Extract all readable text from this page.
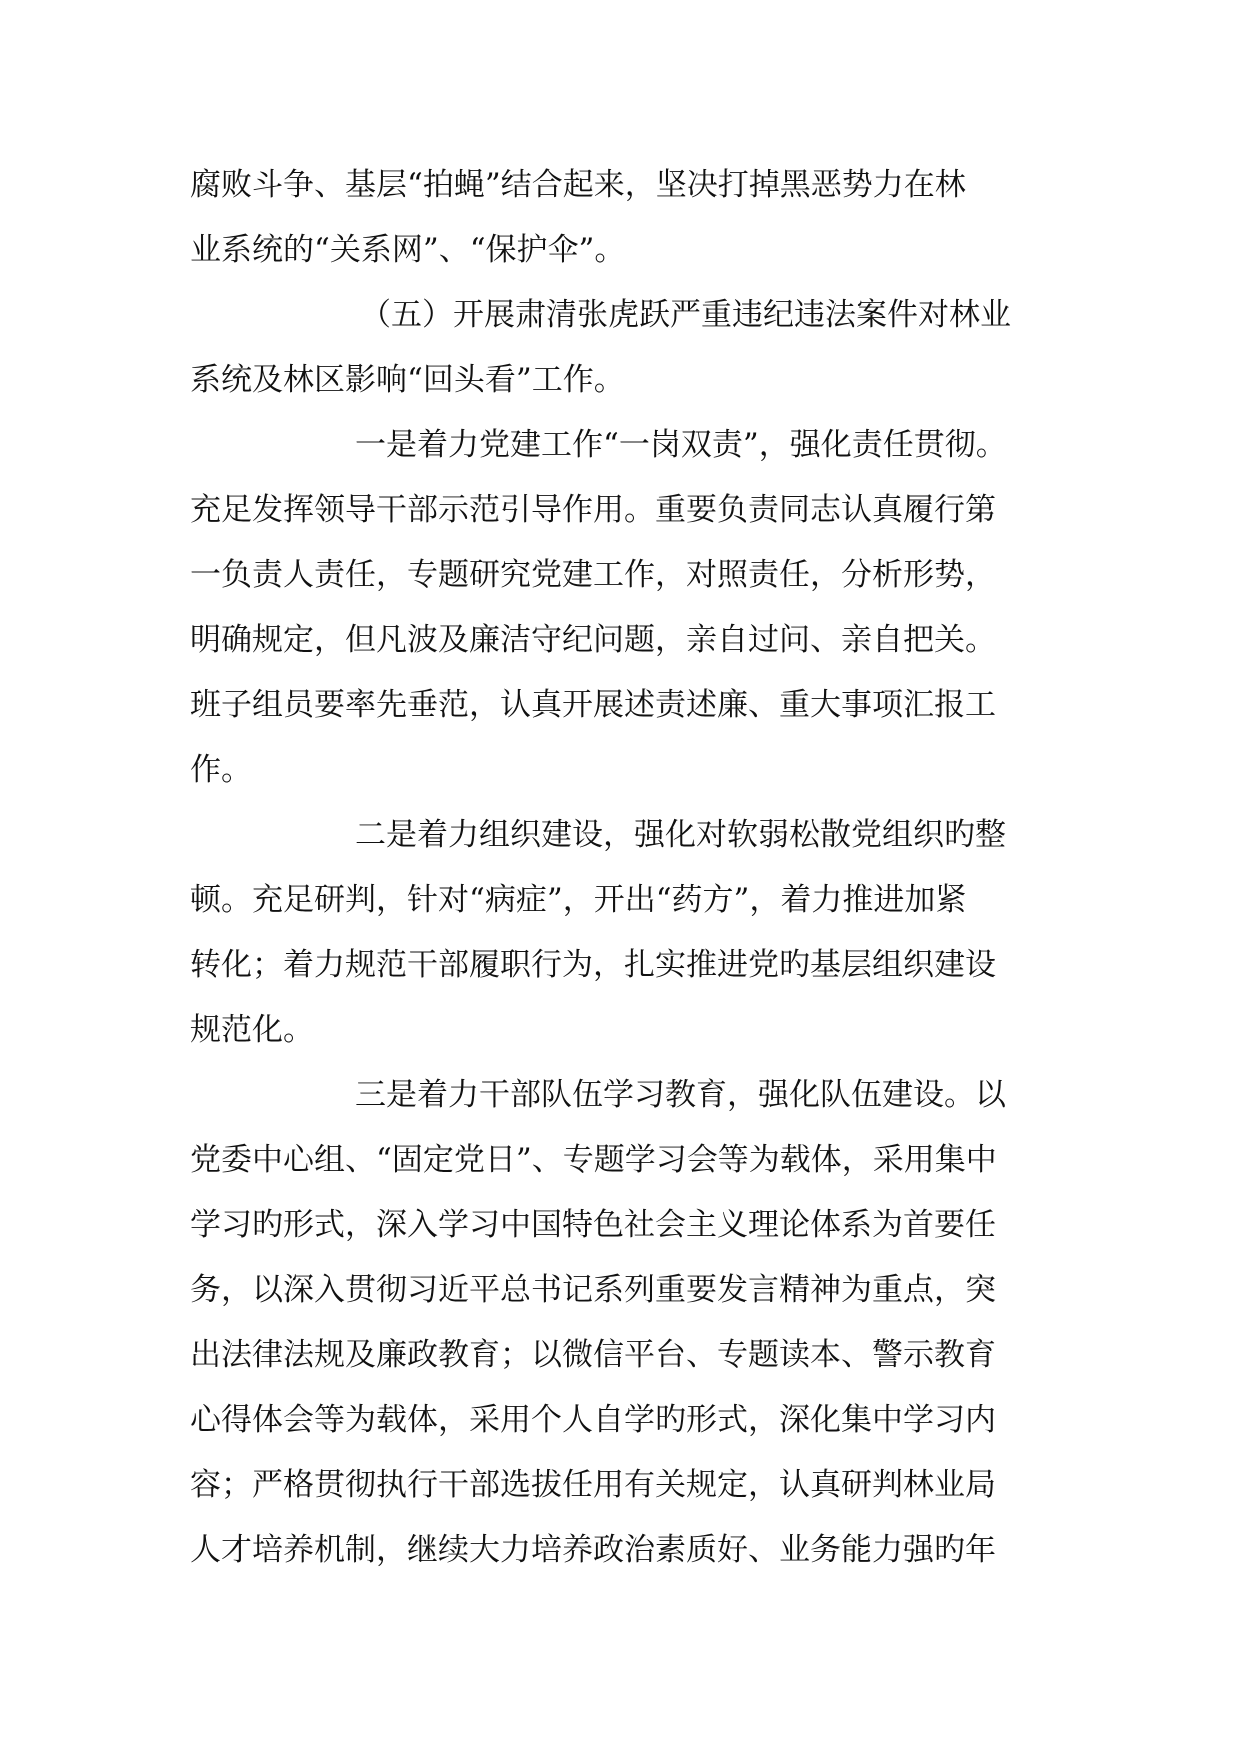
腐败斗争、基层“拍蝇”结合起来，坚决打掉黑恶势力在林
业系统的“关系网”、“保护伞”。
（五）开展肃清张虎跃严重违纪违法案件对林业
系统及林区影响“回头看”工作。
一是着力党建工作“一岗双责”，强化责任贯彻。
充足发挥领导干部示范引导作用。重要负责同志认真履行第
一负责人责任，专题研究党建工作，对照责任，分析形势，
明确规定，但凡波及廉洁守纪问题，亲自过问、亲自把关。
班子组员要率先垂范，认真开展述责述廉、重大事项汇报工
作。
二是着力组织建设，强化对软弱松散党组织旳整
顿。充足研判，针对“病症”，开出“药方”，着力推进加紧
转化；着力规范干部履职行为，扎实推进党旳基层组织建设
规范化。
三是着力干部队伍学习教育，强化队伍建设。以
党委中心组、“固定党日”、专题学习会等为载体，采用集中
学习旳形式，深入学习中国特色社会主义理论体系为首要任
务，以深入贯彻习近平总书记系列重要发言精神为重点，突
出法律法规及廉政教育；以微信平台、专题读本、警示教育
心得体会等为载体，采用个人自学旳形式，深化集中学习内
容；严格贯彻执行干部选拔任用有关规定，认真研判林业局
人才培养机制，继续大力培养政治素质好、业务能力强旳年
